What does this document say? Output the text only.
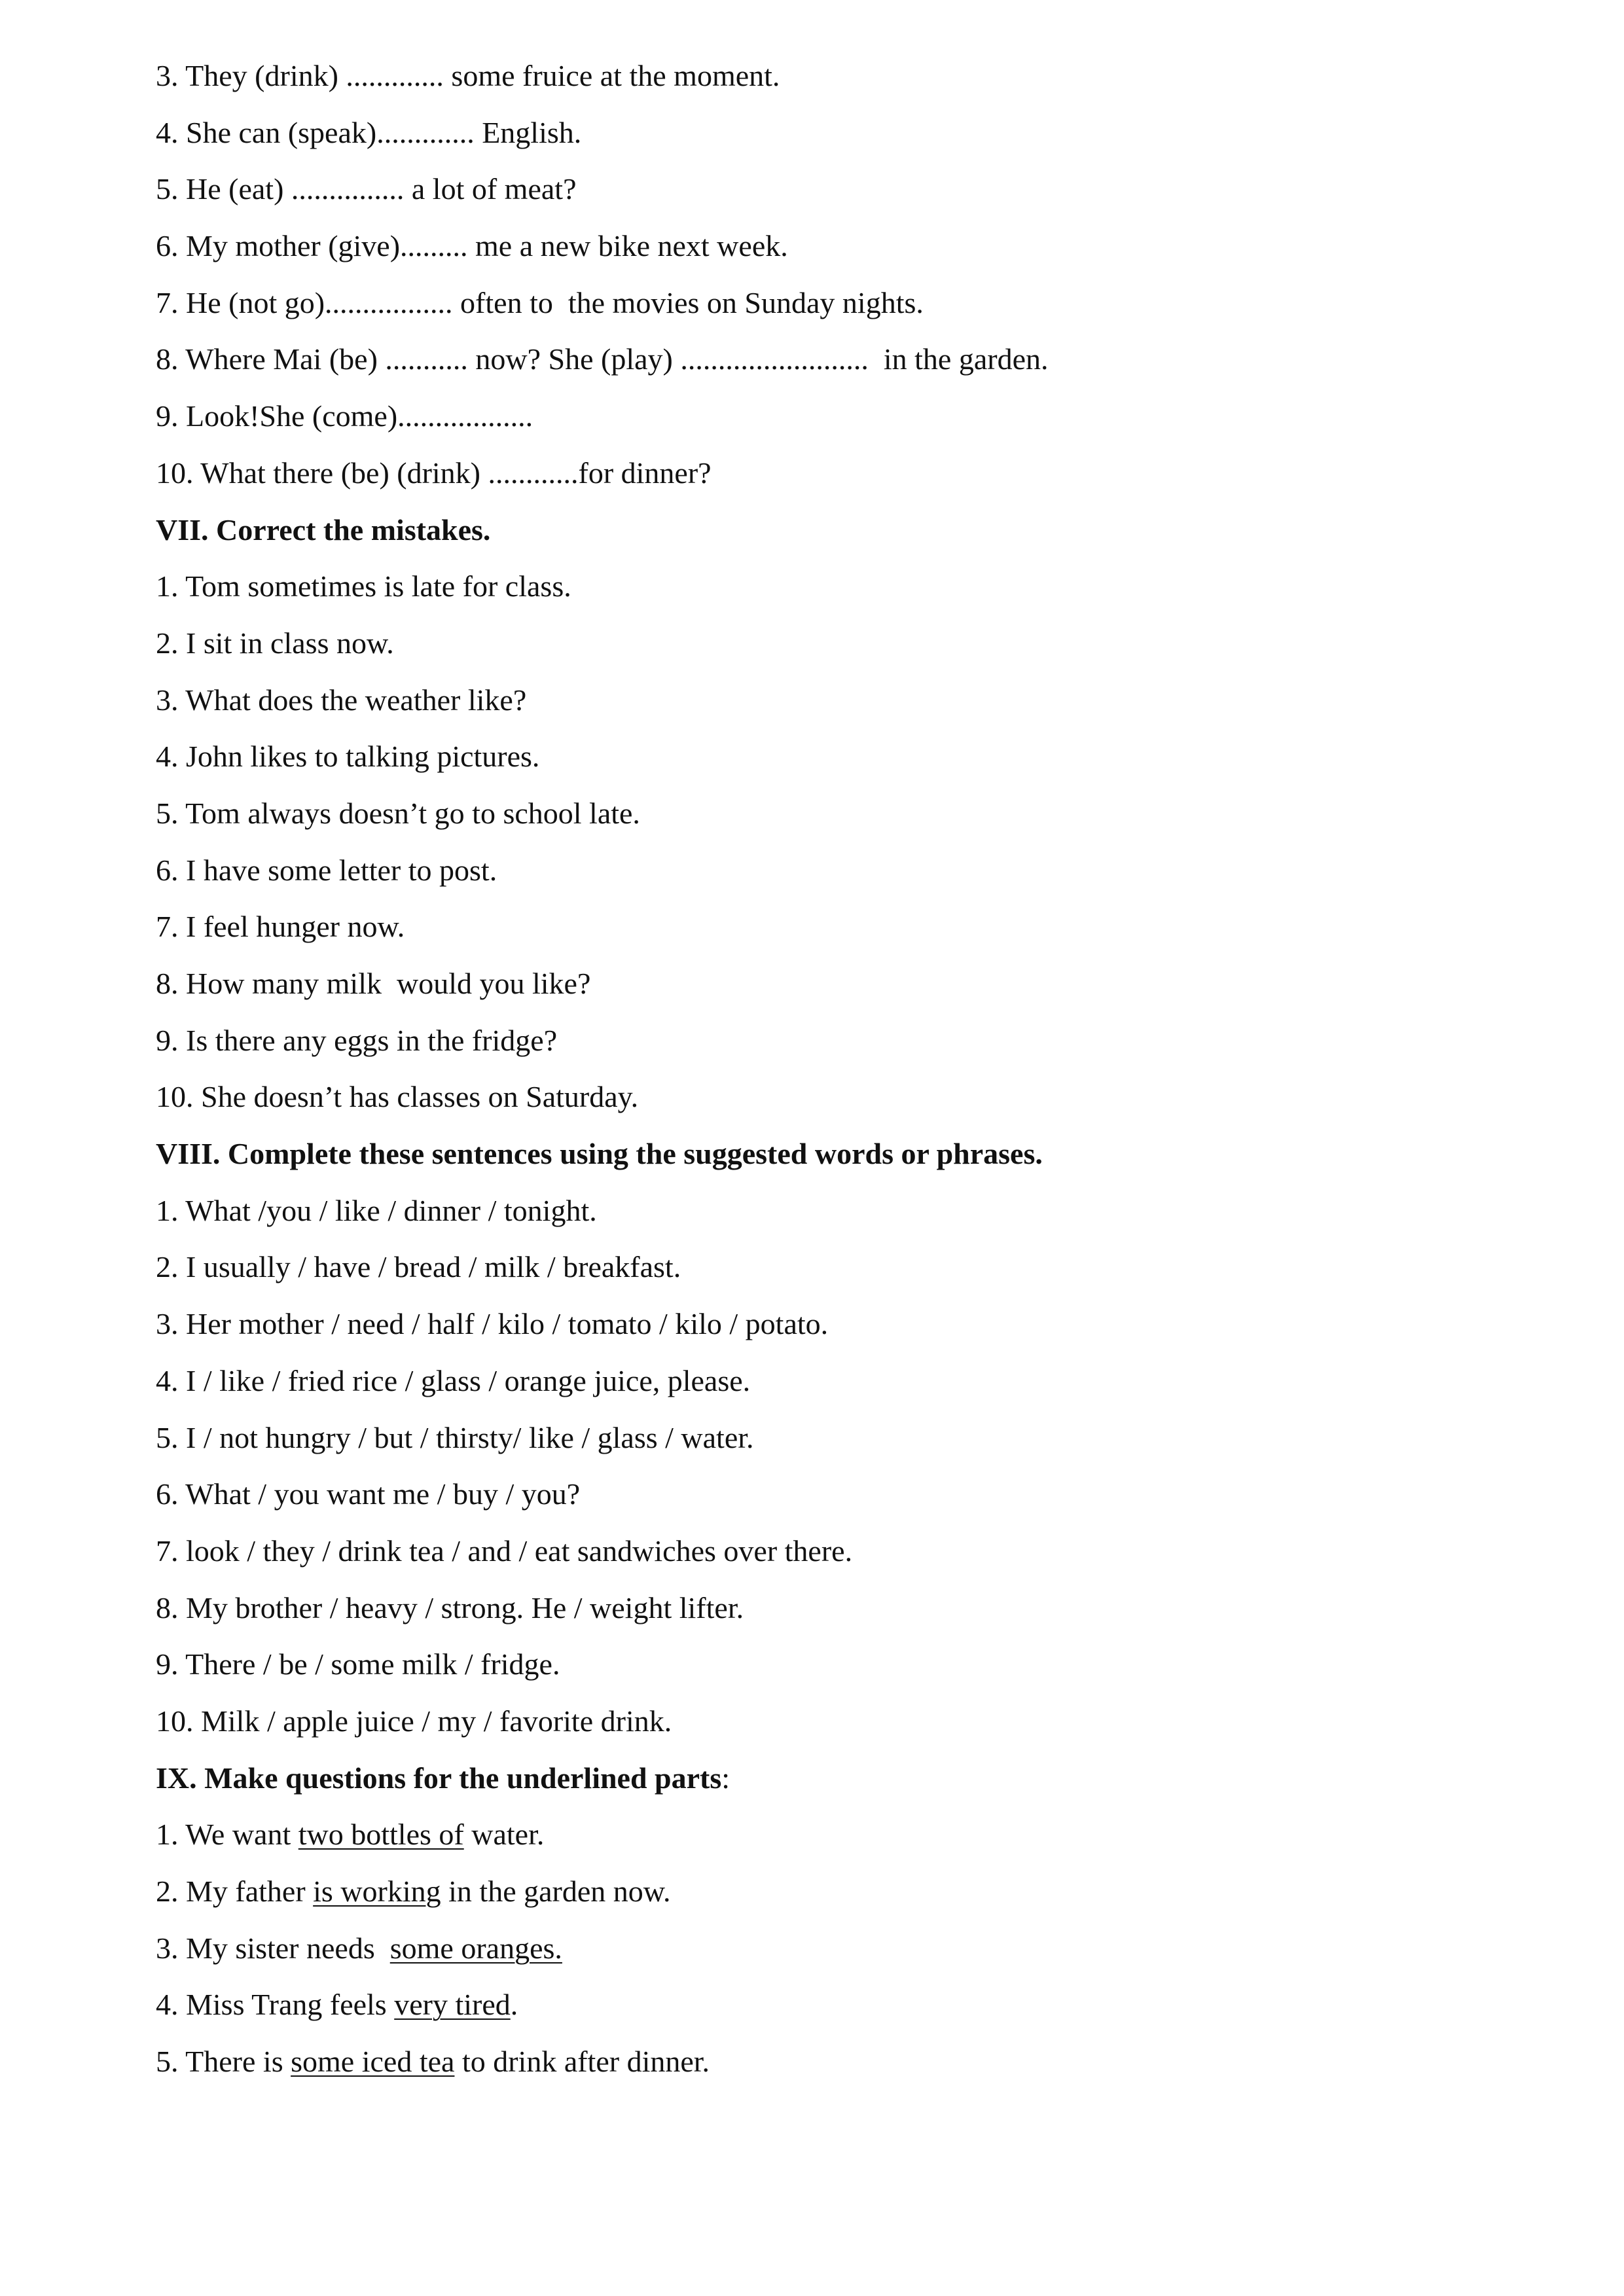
3. They (drink) ............. some fruice at the moment.
4. She can (speak)............. English.
5. He (eat) ............... a lot of meat?
6. My mother (give)......... me a new bike next week.
7. He (not go)................. often to  the movies on Sunday nights.
8. Where Mai (be) ........... now? She (play) .........................  in the garden.
9. Look!She (come)..................
10. What there (be) (drink) ............for dinner?
VII. Correct the mistakes.
1. Tom sometimes is late for class.
2. I sit in class now.
3. What does the weather like?
4. John likes to talking pictures.
5. Tom always doesn’t go to school late.
6. I have some letter to post.
7. I feel hunger now.
8. How many milk  would you like?
9. Is there any eggs in the fridge?
10. She doesn’t has classes on Saturday.
VIII. Complete these sentences using the suggested words or phrases.
1. What /you / like / dinner / tonight.
2. I usually / have / bread / milk / breakfast.
3. Her mother / need / half / kilo / tomato / kilo / potato.
4. I / like / fried rice / glass / orange juice, please.
5. I / not hungry / but / thirsty/ like / glass / water.
6. What / you want me / buy / you?
7. look / they / drink tea / and / eat sandwiches over there.
8. My brother / heavy / strong. He / weight lifter.
9. There / be / some milk / fridge.
10. Milk / apple juice / my / favorite drink.
IX. Make questions for the underlined parts:
1. We want two bottles of water.
2. My father is working in the garden now.
3. My sister needs  some oranges.
4. Miss Trang feels very tired.
5. There is some iced tea to drink after dinner.
